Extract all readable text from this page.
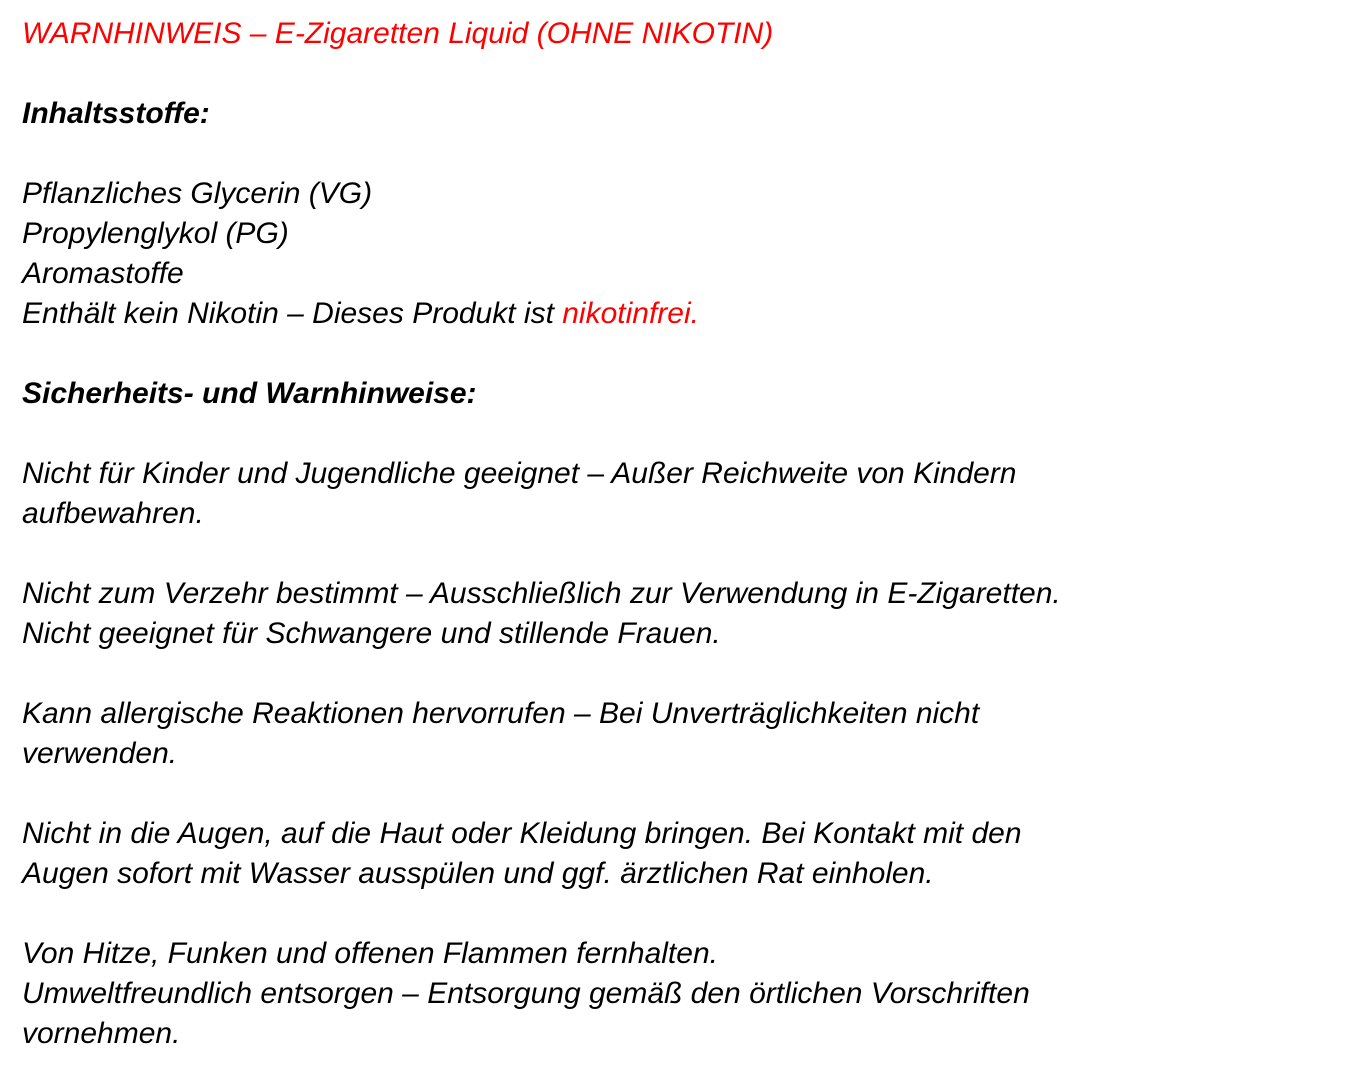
WARNHINWEIS – E-Zigaretten Liquid (OHNE NIKOTIN)
Inhaltsstoffe:
Pflanzliches Glycerin (VG)
Propylenglykol (PG)
Aromastoffe
Enthält kein Nikotin – Dieses Produkt ist nikotinfrei.
Sicherheits- und Warnhinweise:
Nicht für Kinder und Jugendliche geeignet – Außer Reichweite von Kindern
aufbewahren.
Nicht zum Verzehr bestimmt – Ausschließlich zur Verwendung in E-Zigaretten.
Nicht geeignet für Schwangere und stillende Frauen.
Kann allergische Reaktionen hervorrufen – Bei Unverträglichkeiten nicht
verwenden.
Nicht in die Augen, auf die Haut oder Kleidung bringen. Bei Kontakt mit den
Augen sofort mit Wasser ausspülen und ggf. ärztlichen Rat einholen.
Von Hitze, Funken und offenen Flammen fernhalten.
Umweltfreundlich entsorgen – Entsorgung gemäß den örtlichen Vorschriften
vornehmen.
